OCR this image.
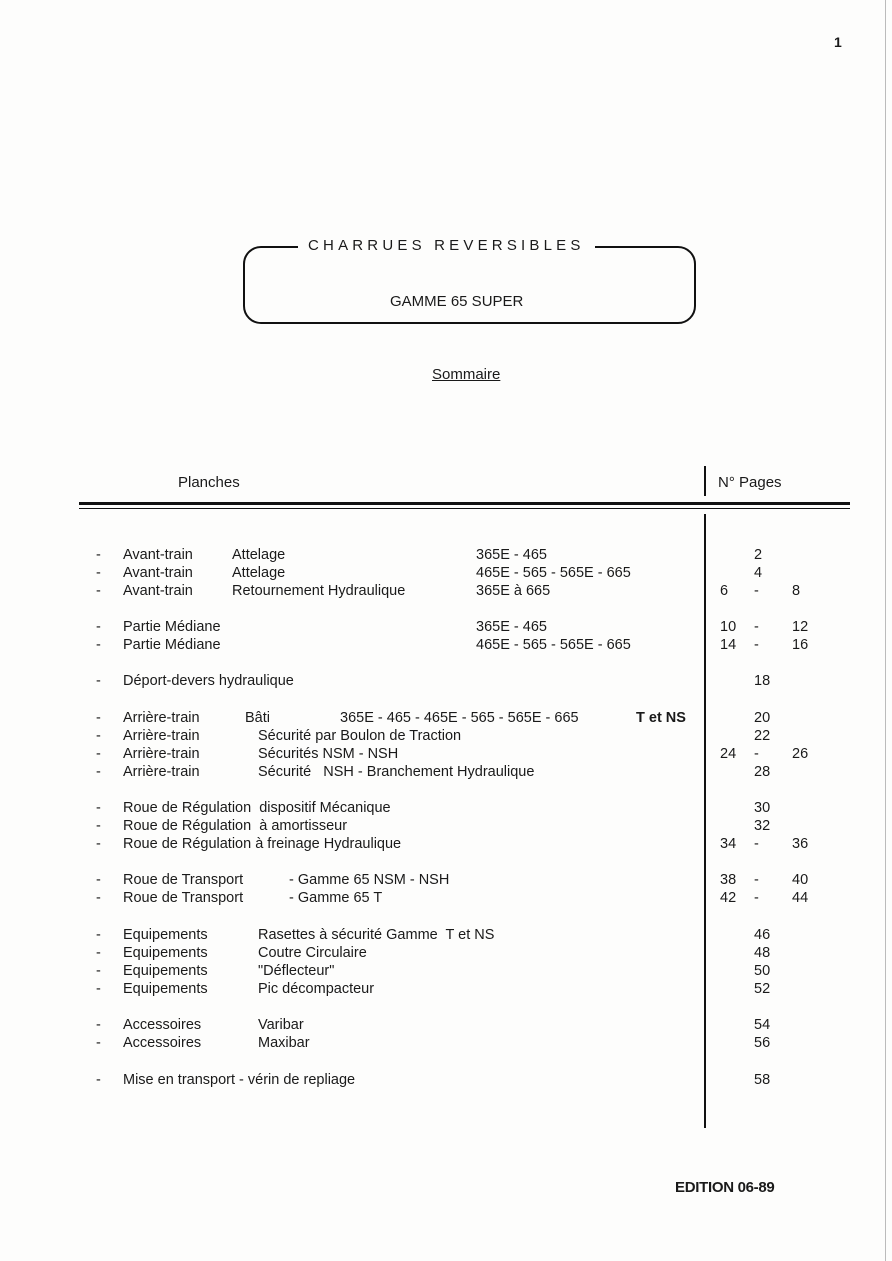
1
CHARRUES REVERSIBLES
GAMME 65 SUPER
Sommaire
Planches	N° Pages
- Avant-train	Attelage	365E - 465	2
- Avant-train	Attelage	465E - 565 - 565E - 665	4
- Avant-train	Retournement Hydraulique	365E à 665	6 - 8
- Partie Médiane	365E - 465	10 - 12
- Partie Médiane	465E - 565 - 565E - 665	14 - 16
- Déport-devers hydraulique	18
- Arrière-train	Bâti	365E - 465 - 465E - 565 - 565E - 665	T et NS	20
- Arrière-train	Sécurité par Boulon de Traction	22
- Arrière-train	Sécurités NSM - NSH	24 - 26
- Arrière-train	Sécurité   NSH - Branchement Hydraulique	28
- Roue de Régulation  dispositif Mécanique	30
- Roue de Régulation  à amortisseur	32
- Roue de Régulation à freinage Hydraulique	34 - 36
- Roue de Transport	- Gamme 65 NSM - NSH	38 - 40
- Roue de Transport	- Gamme 65 T	42 - 44
- Equipements	Rasettes à sécurité Gamme  T et NS	46
- Equipements	Coutre Circulaire	48
- Equipements	"Déflecteur"	50
- Equipements	Pic décompacteur	52
- Accessoires	Varibar	54
- Accessoires	Maxibar	56
- Mise en transport - vérin de repliage	58
EDITION 06-89
